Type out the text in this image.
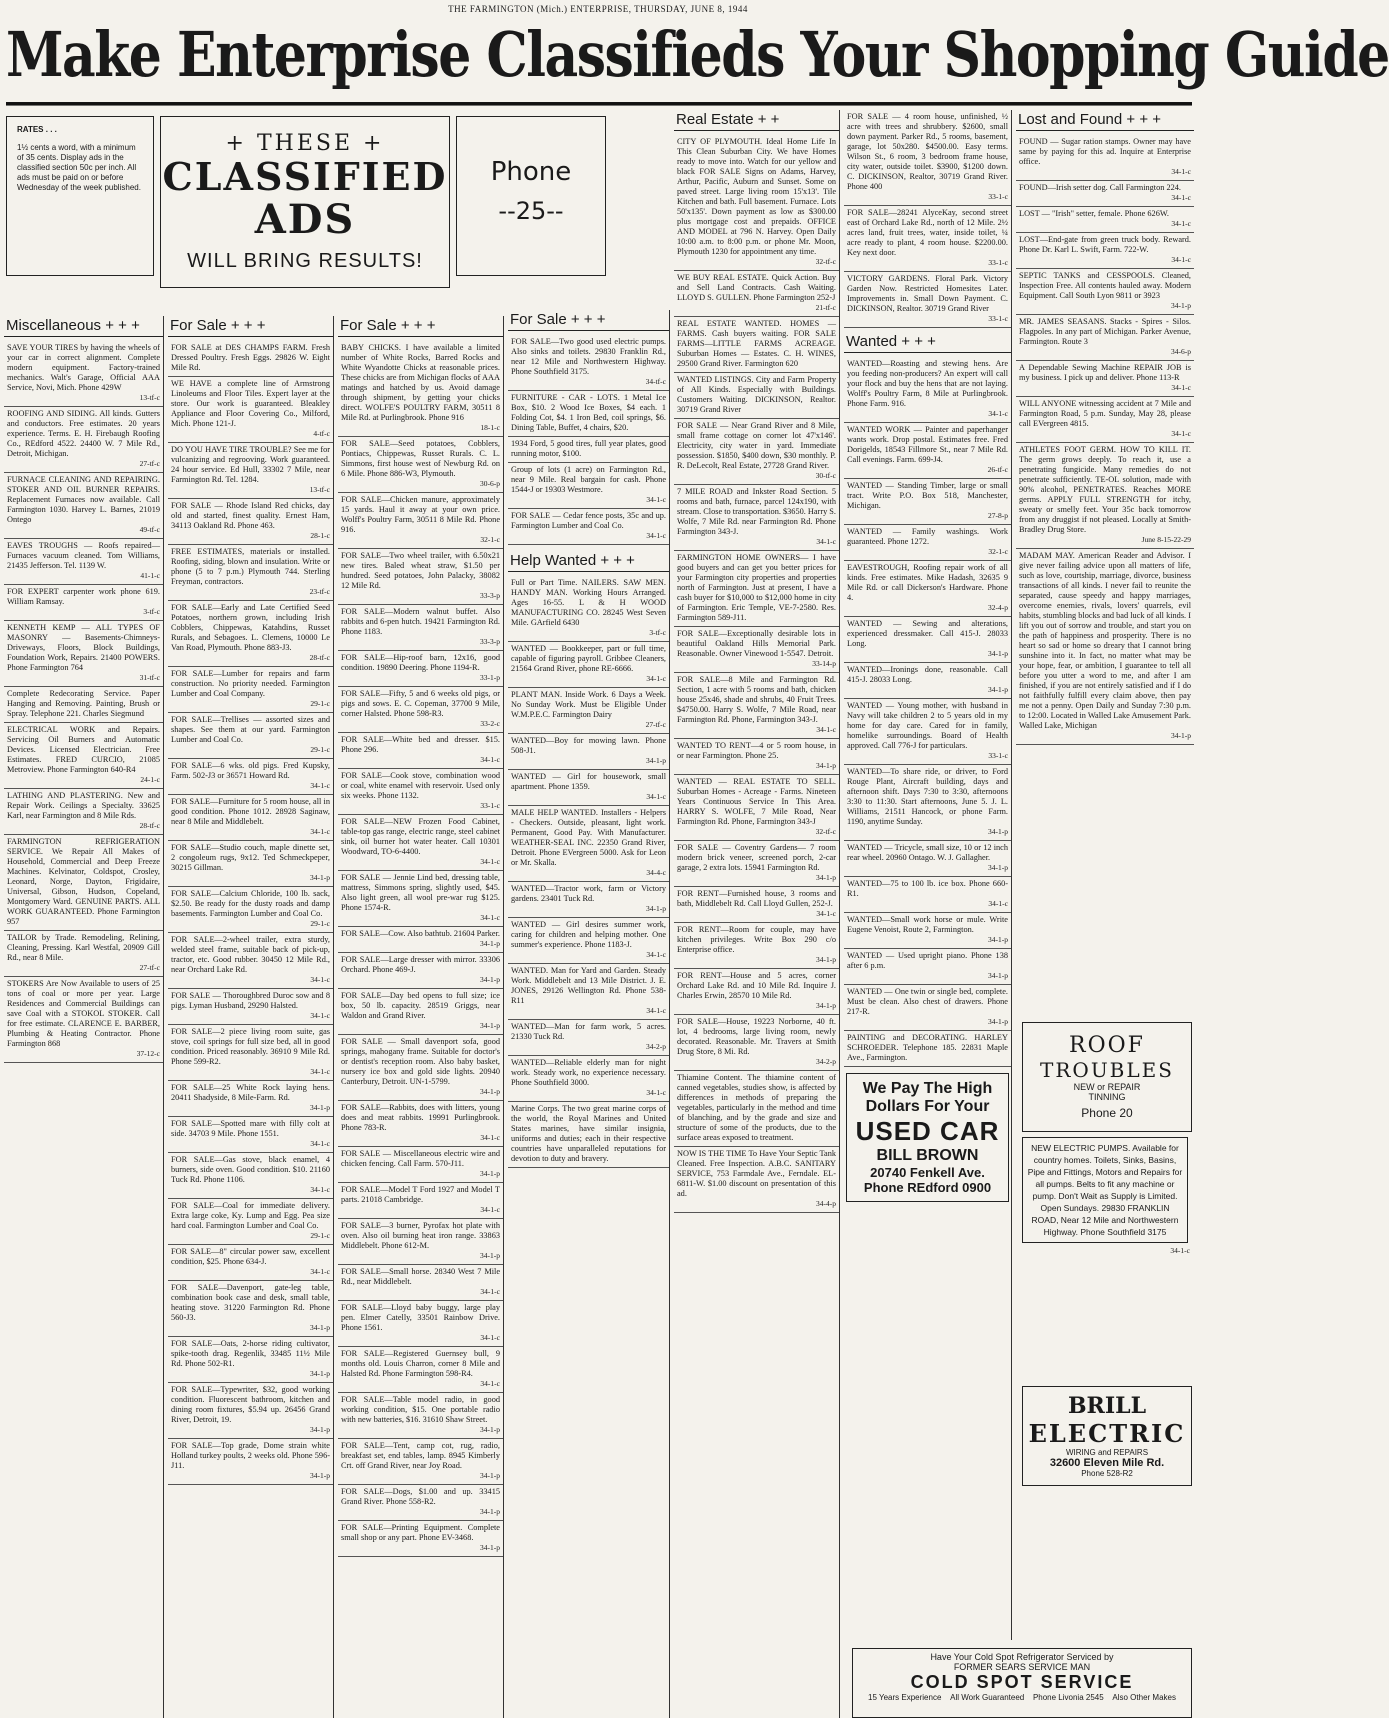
THE FARMINGTON (Mich.) ENTERPRISE, THURSDAY, JUNE 8, 1944
Make Enterprise Classifieds Your Shopping Guide
RATES . . .
1½ cents a word, with a minimum of 35 cents. Display ads in the classified section 50c per inch. All ads must be paid on or before Wednesday of the week published.
+ THESE +
CLASSIFIED
ADS
WILL BRING RESULTS!
Phone
--25--
Miscellaneous + + +
SAVE YOUR TIRES by having the wheels of your car in correct alignment. Complete modern equipment. Factory-trained mechanics. Walt's Garage, Official AAA Service, Novi, Mich. Phone 429W
13-tf-c
ROOFING AND SIDING. All kinds. Gutters and conductors. Free estimates. 20 years experience. Terms. E. H. Firebaugh Roofing Co., REdford 4522. 24400 W. 7 Mile Rd., Detroit, Michigan.
27-tf-c
FURNACE CLEANING AND REPAIRING. STOKER AND OIL BURNER REPAIRS. Replacement Furnaces now available. Call Farmington 1030. Harvey L. Barnes, 21019 Ontego
49-tf-c
EAVES TROUGHS — Roofs repaired—Furnaces vacuum cleaned. Tom Williams, 21435 Jefferson. Tel. 1139 W.
41-1-c
FOR EXPERT carpenter work phone 619. William Ramsay.
3-tf-c
KENNETH KEMP — ALL TYPES OF MASONRY — Basements-Chimneys-Driveways, Floors, Block Buildings, Foundation Work, Repairs. 21400 POWERS. Phone Farmington 764
31-tf-c
Complete Redecorating Service. Paper Hanging and Removing. Painting, Brush or Spray. Telephone 221. Charles Siegmund
ELECTRICAL WORK and Repairs. Servicing Oil Burners and Automatic Devices. Licensed Electrician. Free Estimates. FRED CURCIO, 21085 Metroview. Phone Farmington 640-R4
24-1-c
LATHING AND PLASTERING. New and Repair Work. Ceilings a Specialty. 33625 Karl, near Farmington and 8 Mile Rds.
28-tf-c
FARMINGTON REFRIGERATION SERVICE. We Repair All Makes of Household, Commercial and Deep Freeze Machines. Kelvinator, Coldspot, Crosley, Leonard, Norge, Dayton, Frigidaire, Universal, Gibson, Hudson, Copeland, Montgomery Ward. GENUINE PARTS. ALL WORK GUARANTEED. Phone Farmington 957
TAILOR by Trade. Remodeling, Relining, Cleaning, Pressing. Karl Westfal, 20909 Gill Rd., near 8 Mile.
27-tf-c
STOKERS Are Now Available to users of 25 tons of coal or more per year. Large Residences and Commercial Buildings can save Coal with a STOKOL STOKER. Call for free estimate. CLARENCE E. BARBER, Plumbing & Heating Contractor. Phone Farmington 868
37-12-c
For Sale + + +
FOR SALE at DES CHAMPS FARM. Fresh Dressed Poultry. Fresh Eggs. 29826 W. Eight Mile Rd.
WE HAVE a complete line of Armstrong Linoleums and Floor Tiles. Expert layer at the store. Our work is guaranteed. Bleakley Appliance and Floor Covering Co., Milford, Mich. Phone 121-J.
4-tf-c
DO YOU HAVE TIRE TROUBLE? See me for vulcanizing and regrooving. Work guaranteed. 24 hour service. Ed Hull, 33302 7 Mile, near Farmington Rd. Tel. 1284.
13-tf-c
FOR SALE — Rhode Island Red chicks, day old and started, finest quality. Ernest Ham, 34113 Oakland Rd. Phone 463.
28-1-c
FREE ESTIMATES, materials or installed. Roofing, siding, blown and insulation. Write or phone (5 to 7 p.m.) Plymouth 744. Sterling Freyman, contractors.
23-tf-c
FOR SALE—Early and Late Certified Seed Potatoes, northern grown, including Irish Cobblers, Chippewas, Katahdins, Russet Rurals, and Sebagoes. L. Clemens, 10000 Le Van Road, Plymouth. Phone 883-J3.
28-tf-c
FOR SALE—Lumber for repairs and farm construction. No priority needed. Farmington Lumber and Coal Company.
29-1-c
FOR SALE—Trellises — assorted sizes and shapes. See them at our yard. Farmington Lumber and Coal Co.
29-1-c
FOR SALE—6 wks. old pigs. Fred Kupsky, Farm. 502-J3 or 36571 Howard Rd.
34-1-c
FOR SALE—Furniture for 5 room house, all in good condition. Phone 1012. 28928 Saginaw, near 8 Mile and Middlebelt.
34-1-c
FOR SALE—Studio couch, maple dinette set, 2 congoleum rugs, 9x12. Ted Schmeckpeper, 30215 Gillman.
34-1-p
FOR SALE—Calcium Chloride, 100 lb. sack, $2.50. Be ready for the dusty roads and damp basements. Farmington Lumber and Coal Co.
29-1-c
FOR SALE—2-wheel trailer, extra sturdy, welded steel frame, suitable back of pick-up, tractor, etc. Good rubber. 30450 12 Mile Rd., near Orchard Lake Rd.
34-1-c
FOR SALE — Thoroughbred Duroc sow and 8 pigs. Lyman Husband, 29290 Halsted.
34-1-c
FOR SALE—2 piece living room suite, gas stove, coil springs for full size bed, all in good condition. Priced reasonably. 36910 9 Mile Rd. Phone 599-R2.
34-1-c
FOR SALE—25 White Rock laying hens. 20411 Shadyside, 8 Mile-Farm. Rd.
34-1-p
FOR SALE—Spotted mare with filly colt at side. 34703 9 Mile. Phone 1551.
34-1-c
FOR SALE—Gas stove, black enamel, 4 burners, side oven. Good condition. $10. 21160 Tuck Rd. Phone 1106.
34-1-c
FOR SALE—Coal for immediate delivery. Extra large coke, Ky. Lump and Egg. Pea size hard coal. Farmington Lumber and Coal Co.
29-1-c
FOR SALE—8" circular power saw, excellent condition, $25. Phone 634-J.
34-1-c
FOR SALE—Davenport, gate-leg table, combination book case and desk, small table, heating stove. 31220 Farmington Rd. Phone 560-J3.
34-1-p
FOR SALE—Oats, 2-horse riding cultivator, spike-tooth drag. Regenlik, 33485 11½ Mile Rd. Phone 502-R1.
34-1-p
FOR SALE—Typewriter, $32, good working condition. Fluorescent bathroom, kitchen and dining room fixtures, $5.94 up. 26456 Grand River, Detroit, 19.
34-1-p
FOR SALE—Top grade, Dome strain white Holland turkey poults, 2 weeks old. Phone 596-J11.
34-1-p
For Sale + + +
BABY CHICKS. I have available a limited number of White Rocks, Barred Rocks and White Wyandotte Chicks at reasonable prices. These chicks are from Michigan flocks of AAA matings and hatched by us. Avoid damage through shipment, by getting your chicks direct. WOLFE'S POULTRY FARM, 30511 8 Mile Rd. at Purlingbrook. Phone 916
18-1-c
FOR SALE—Seed potatoes, Cobblers, Pontiacs, Chippewas, Russet Rurals. C. L. Simmons, first house west of Newburg Rd. on 6 Mile. Phone 886-W3, Plymouth.
30-6-p
FOR SALE—Chicken manure, approximately 15 yards. Haul it away at your own price. Wolff's Poultry Farm, 30511 8 Mile Rd. Phone 916.
32-1-c
FOR SALE—Two wheel trailer, with 6.50x21 new tires. Baled wheat straw, $1.50 per hundred. Seed potatoes, John Palacky, 38082 12 Mile Rd.
33-3-p
FOR SALE—Modern walnut buffet. Also rabbits and 6-pen hutch. 19421 Farmington Rd. Phone 1183.
33-3-p
FOR SALE—Hip-roof barn, 12x16, good condition. 19890 Deering. Phone 1194-R.
33-1-p
FOR SALE—Fifty, 5 and 6 weeks old pigs, or pigs and sows. E. C. Copeman, 37700 9 Mile, corner Halsted. Phone 598-R3.
33-2-c
FOR SALE—White bed and dresser. $15. Phone 296.
34-1-c
FOR SALE—Cook stove, combination wood or coal, white enamel with reservoir. Used only six weeks. Phone 1132.
33-1-c
FOR SALE—NEW Frozen Food Cabinet, table-top gas range, electric range, steel cabinet sink, oil burner hot water heater. Call 10301 Woodward, TO-6-4400.
34-1-c
FOR SALE — Jennie Lind bed, dressing table, mattress, Simmons spring, slightly used, $45. Also light green, all wool pre-war rug $125. Phone 1574-R.
34-1-c
FOR SALE—Cow. Also bathtub. 21604 Parker.
34-1-p
FOR SALE—Large dresser with mirror. 33306 Orchard. Phone 469-J.
34-1-p
FOR SALE—Day bed opens to full size; ice box, 50 lb. capacity. 28519 Griggs, near Waldon and Grand River.
34-1-p
FOR SALE — Small davenport sofa, good springs, mahogany frame. Suitable for doctor's or dentist's reception room. Also baby basket, nursery ice box and gold side lights. 20940 Canterbury, Detroit. UN-1-5799.
34-1-p
FOR SALE—Rabbits, does with litters, young does and meat rabbits. 19991 Purlingbrook. Phone 783-R.
34-1-c
FOR SALE — Miscellaneous electric wire and chicken fencing. Call Farm. 570-J11.
34-1-p
FOR SALE—Model T Ford 1927 and Model T parts. 21018 Cambridge.
34-1-c
FOR SALE—3 burner, Pyrofax hot plate with oven. Also oil burning heat iron range. 33863 Middlebelt. Phone 612-M.
34-1-p
FOR SALE—Small horse. 28340 West 7 Mile Rd., near Middlebelt.
34-1-c
FOR SALE—Lloyd baby buggy, large play pen. Elmer Catelly, 33501 Rainbow Drive. Phone 1561.
34-1-c
FOR SALE—Registered Guernsey bull, 9 months old. Louis Charron, corner 8 Mile and Halsted Rd. Phone Farmington 598-R4.
34-1-c
FOR SALE—Table model radio, in good working condition, $15. One portable radio with new batteries, $16. 31610 Shaw Street.
34-1-p
FOR SALE—Tent, camp cot, rug, radio, breakfast set, end tables, lamp. 8945 Kimberly Crt. off Grand River, near Joy Road.
34-1-p
FOR SALE—Dogs, $1.00 and up. 33415 Grand River. Phone 558-R2.
34-1-p
FOR SALE—Printing Equipment. Complete small shop or any part. Phone EV-3468.
34-1-p
For Sale + + +
FOR SALE—Two good used electric pumps. Also sinks and toilets. 29830 Franklin Rd., near 12 Mile and Northwestern Highway. Phone Southfield 3175.
34-tf-c
FURNITURE - CAR - LOTS. 1 Metal Ice Box, $10. 2 Wood Ice Boxes, $4 each. 1 Folding Cot, $4. 1 Iron Bed, coil springs, $6. Dining Table, Buffet, 4 chairs, $20.
1934 Ford, 5 good tires, full year plates, good running motor, $100.
Group of lots (1 acre) on Farmington Rd., near 9 Mile. Real bargain for cash. Phone 1544-J or 19303 Westmore.
34-1-c
FOR SALE — Cedar fence posts, 35c and up. Farmington Lumber and Coal Co.
34-1-c
Help Wanted + + +
Full or Part Time. NAILERS. SAW MEN. HANDY MAN. Working Hours Arranged. Ages 16-55. L & H WOOD MANUFACTURING CO. 28245 West Seven Mile. GArfield 6430
3-tf-c
WANTED — Bookkeeper, part or full time, capable of figuring payroll. Gribbee Cleaners, 21564 Grand River, phone RE-6666.
34-1-c
PLANT MAN. Inside Work. 6 Days a Week. No Sunday Work. Must be Eligible Under W.M.P.E.C. Farmington Dairy
27-tf-c
WANTED—Boy for mowing lawn. Phone 508-J1.
34-1-p
WANTED — Girl for housework, small apartment. Phone 1359.
34-1-c
MALE HELP WANTED. Installers - Helpers - Checkers. Outside, pleasant, light work. Permanent, Good Pay. With Manufacturer. WEATHER-SEAL INC. 22350 Grand River, Detroit. Phone EVergreen 5000. Ask for Leon or Mr. Skalla.
34-4-c
WANTED—Tractor work, farm or Victory gardens. 23401 Tuck Rd.
34-1-p
WANTED — Girl desires summer work, caring for children and helping mother. One summer's experience. Phone 1183-J.
34-1-c
WANTED. Man for Yard and Garden. Steady Work. Middlebelt and 13 Mile District. J. E. JONES, 29126 Wellington Rd. Phone 538-R11
34-1-c
WANTED—Man for farm work, 5 acres. 21330 Tuck Rd.
34-2-p
WANTED—Reliable elderly man for night work. Steady work, no experience necessary. Phone Southfield 3000.
34-1-c
Marine Corps. The two great marine corps of the world, the Royal Marines and United States marines, have similar insignia, uniforms and duties; each in their respective countries have unparalleled reputations for devotion to duty and bravery.
Real Estate + +
CITY OF PLYMOUTH. Ideal Home Life In This Clean Suburban City. We have Homes ready to move into. Watch for our yellow and black FOR SALE Signs on Adams, Harvey, Arthur, Pacific, Auburn and Sunset. Some on paved street. Large living room 15'x13'. Tile Kitchen and bath. Full basement. Furnace. Lots 50'x135'. Down payment as low as $300.00 plus mortgage cost and prepaids. OFFICE AND MODEL at 796 N. Harvey. Open Daily 10:00 a.m. to 8:00 p.m. or phone Mr. Moon, Plymouth 1230 for appointment any time.
32-tf-c
WE BUY REAL ESTATE. Quick Action. Buy and Sell Land Contracts. Cash Waiting. LLOYD S. GULLEN. Phone Farmington 252-J
21-tf-c
REAL ESTATE WANTED. HOMES — FARMS. Cash buyers waiting. FOR SALE FARMS—LITTLE FARMS ACREAGE. Suburban Homes — Estates. C. H. WINES, 29500 Grand River. Farmington 620
WANTED LISTINGS. City and Farm Property of All Kinds. Especially with Buildings. Customers Waiting. DICKINSON, Realtor. 30719 Grand River
FOR SALE — Near Grand River and 8 Mile, small frame cottage on corner lot 47'x146'. Electricity, city water in yard. Immediate possession. $1850, $400 down, $30 monthly. P. R. DeLecolt, Real Estate, 27728 Grand River.
30-tf-c
7 MILE ROAD and Inkster Road Section. 5 rooms and bath, furnace, parcel 124x190, with stream. Close to transportation. $3650. Harry S. Wolfe, 7 Mile Rd. near Farmington Rd. Phone Farmington 343-J.
34-1-c
FARMINGTON HOME OWNERS— I have good buyers and can get you better prices for your Farmington city properties and properties north of Farmington. Just at present, I have a cash buyer for $10,000 to $12,000 home in city of Farmington. Eric Temple, VE-7-2580. Res. Farmington 589-J11.
FOR SALE—Exceptionally desirable lots in beautiful Oakland Hills Memorial Park. Reasonable. Owner Vinewood 1-5547. Detroit.
33-14-p
FOR SALE—8 Mile and Farmington Rd. Section, 1 acre with 5 rooms and bath, chicken house 25x46, shade and shrubs, 40 Fruit Trees. $4750.00. Harry S. Wolfe, 7 Mile Road, near Farmington Rd. Phone, Farmington 343-J.
34-1-c
WANTED TO RENT—4 or 5 room house, in or near Farmington. Phone 25.
34-1-p
WANTED — REAL ESTATE TO SELL. Suburban Homes - Acreage - Farms. Nineteen Years Continuous Service In This Area. HARRY S. WOLFE, 7 Mile Road, Near Farmington Rd. Phone, Farmington 343-J
32-tf-c
FOR SALE — Coventry Gardens— 7 room modern brick veneer, screened porch, 2-car garage, 2 extra lots. 15941 Farmington Rd.
34-1-p
FOR RENT—Furnished house, 3 rooms and bath, Middlebelt Rd. Call Lloyd Gullen, 252-J.
34-1-c
FOR RENT—Room for couple, may have kitchen privileges. Write Box 290 c/o Enterprise office.
34-1-p
FOR RENT—House and 5 acres, corner Orchard Lake Rd. and 10 Mile Rd. Inquire J. Charles Erwin, 28570 10 Mile Rd.
34-1-p
FOR SALE—House, 19223 Norborne, 40 ft. lot, 4 bedrooms, large living room, newly decorated. Reasonable. Mr. Travers at Smith Drug Store, 8 Mi. Rd.
34-2-p
Thiamine Content. The thiamine content of canned vegetables, studies show, is affected by differences in methods of preparing the vegetables, particularly in the method and time of blanching, and by the grade and size and structure of some of the products, due to the surface areas exposed to treatment.
NOW IS THE TIME To Have Your Septic Tank Cleaned. Free Inspection. A.B.C. SANITARY SERVICE, 753 Farmdale Ave., Ferndale. EL-6811-W. $1.00 discount on presentation of this ad.
34-4-p
FOR SALE — 4 room house, unfinished, ½ acre with trees and shrubbery. $2600, small down payment. Parker Rd., 5 rooms, basement, garage, lot 50x280. $4500.00. Easy terms. Wilson St., 6 room, 3 bedroom frame house, city water, outside toilet. $3900, $1200 down. C. DICKINSON, Realtor, 30719 Grand River. Phone 400
33-1-c
FOR SALE—28241 AlyceKay, second street east of Orchard Lake Rd., north of 12 Mile. 2½ acres land, fruit trees, water, inside toilet, ¼ acre ready to plant, 4 room house. $2200.00. Key next door.
33-1-c
VICTORY GARDENS. Floral Park. Victory Garden Now. Restricted Homesites Later. Improvements in. Small Down Payment. C. DICKINSON, Realtor. 30719 Grand River
33-1-c
Wanted + + +
WANTED—Roasting and stewing hens. Are you feeding non-producers? An expert will call your flock and buy the hens that are not laying. Wolff's Poultry Farm, 8 Mile at Purlingbrook. Phone Farm. 916.
34-1-c
WANTED WORK — Painter and paperhanger wants work. Drop postal. Estimates free. Fred Dorigelds, 18543 Fillmore St., near 7 Mile Rd. Call evenings. Farm. 699-J4.
26-tf-c
WANTED — Standing Timber, large or small tract. Write P.O. Box 518, Manchester, Michigan.
27-8-p
WANTED — Family washings. Work guaranteed. Phone 1272.
32-1-c
EAVESTROUGH, Roofing repair work of all kinds. Free estimates. Mike Hadash, 32635 9 Mile Rd. or call Dickerson's Hardware. Phone 4.
32-4-p
WANTED — Sewing and alterations, experienced dressmaker. Call 415-J. 28033 Long.
34-1-p
WANTED—Ironings done, reasonable. Call 415-J. 28033 Long.
34-1-p
WANTED — Young mother, with husband in Navy will take children 2 to 5 years old in my home for day care. Cared for in family, homelike surroundings. Board of Health approved. Call 776-J for particulars.
33-1-c
WANTED—To share ride, or driver, to Ford Rouge Plant, Aircraft building, days and afternoon shift. Days 7:30 to 3:30, afternoons 3:30 to 11:30. Start afternoons, June 5. J. L. Williams, 21511 Hancock, or phone Farm. 1190, anytime Sunday.
34-1-p
WANTED — Tricycle, small size, 10 or 12 inch rear wheel. 20960 Ontago. W. J. Gallagher.
34-1-p
WANTED—75 to 100 lb. ice box. Phone 660-R1.
34-1-c
WANTED—Small work horse or mule. Write Eugene Venoist, Route 2, Farmington.
34-1-p
WANTED — Used upright piano. Phone 138 after 6 p.m.
34-1-p
WANTED — One twin or single bed, complete. Must be clean. Also chest of drawers. Phone 217-R.
34-1-p
PAINTING and DECORATING. HARLEY SCHROEDER. Telephone 185. 22831 Maple Ave., Farmington.
We Pay The High Dollars For Your
USED CAR
BILL BROWN
20740 Fenkell Ave.
Phone REdford 0900
Lost and Found + + +
FOUND — Sugar ration stamps. Owner may have same by paying for this ad. Inquire at Enterprise office.
34-1-c
FOUND—Irish setter dog. Call Farmington 224.
34-1-c
LOST — "Irish" setter, female. Phone 626W.
34-1-c
LOST—End-gate from green truck body. Reward. Phone Dr. Karl L. Swift, Farm. 722-W.
34-1-c
SEPTIC TANKS and CESSPOOLS. Cleaned, Inspection Free. All contents hauled away. Modern Equipment. Call South Lyon 9811 or 3923
34-1-p
MR. JAMES SEASANS. Stacks - Spires - Silos. Flagpoles. In any part of Michigan. Parker Avenue, Farmington. Route 3
34-6-p
A Dependable Sewing Machine REPAIR JOB is my business. I pick up and deliver. Phone 113-R
34-1-c
WILL ANYONE witnessing accident at 7 Mile and Farmington Road, 5 p.m. Sunday, May 28, please call EVergreen 4815.
34-1-c
ATHLETES FOOT GERM. HOW TO KILL IT. The germ grows deeply. To reach it, use a penetrating fungicide. Many remedies do not penetrate sufficiently. TE-OL solution, made with 90% alcohol, PENETRATES. Reaches MORE germs. APPLY FULL STRENGTH for itchy, sweaty or smelly feet. Your 35c back tomorrow from any druggist if not pleased. Locally at Smith-Bradley Drug Store.
June 8-15-22-29
MADAM MAY. American Reader and Advisor. I give never failing advice upon all matters of life, such as love, courtship, marriage, divorce, business transactions of all kinds. I never fail to reunite the separated, cause speedy and happy marriages, overcome enemies, rivals, lovers' quarrels, evil habits, stumbling blocks and bad luck of all kinds. I lift you out of sorrow and trouble, and start you on the path of happiness and prosperity. There is no heart so sad or home so dreary that I cannot bring sunshine into it. In fact, no matter what may be your hope, fear, or ambition, I guarantee to tell all before you utter a word to me, and after I am finished, if you are not entirely satisfied and if I do not faithfully fulfill every claim above, then pay me not a penny. Open Daily and Sunday 7:30 p.m. to 12:00. Located in Walled Lake Amusement Park. Walled Lake, Michigan
34-1-p
ROOF
TROUBLES
NEW or REPAIR
TINNING
Phone 20
BRILL
ELECTRIC
WIRING and REPAIRS
32600 Eleven Mile Rd.
Phone 528-R2
Have Your Cold Spot Refrigerator Serviced by
FORMER SEARS SERVICE MAN
COLD SPOT SERVICE
15 Years Experience All Work Guaranteed Phone Livonia 2545 Also Other Makes
NEW ELECTRIC PUMPS. Available for country homes. Toilets, Sinks, Basins, Pipe and Fittings, Motors and Repairs for all pumps. Belts to fit any machine or pump. Don't Wait as Supply is Limited. Open Sundays. 29830 FRANKLIN ROAD, Near 12 Mile and Northwestern Highway. Phone Southfield 3175
34-1-c
